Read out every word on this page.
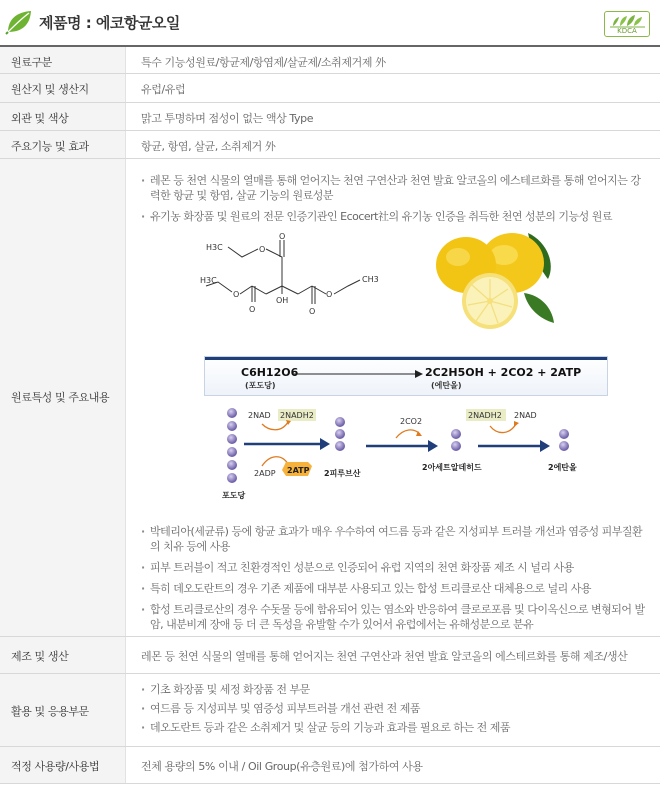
제품명 : 에코항균오일	KDCA
원료구분	특수 기능성원료/항균제/항염제/살균제/소취제거제 外
원산지 및 생산지	유럽/유럽
외관 및 색상	맑고 투명하며 점성이 없는 액상 Type
주요기능 및 효과	항균, 항염, 살균, 소취제거 外
원료특성 및 주요내용
· 레몬 등 천연 식물의 열매를 통해 얻어지는 천연 구연산과 천연 발효 알코올의 에스테르화를 통해 얻어지는 강력한 항균 및 항염, 살균 기능의 원료성분
· 유기농 화장품 및 원료의 전문 인증기관인 Ecocert社의 유기농 인증을 취득한 천연 성분의 기능성 원료
· 박테리아(세균류) 등에 항균 효과가 매우 우수하여 여드름 등과 같은 지성피부 트러블 개선과 염증성 피부질환의 치유 등에 사용
· 피부 트러블이 적고 친환경적인 성분으로 인증되어 유럽 지역의 천연 화장품 제조 시 널리 사용
· 특히 데오도란트의 경우 기존 제품에 대부분 사용되고 있는 합성 트리클로산 대체용으로 널리 사용
· 합성 트리클로산의 경우 수돗물 등에 함유되어 있는 염소와 반응하여 클로로포름 및 다이옥신으로 변형되어 발암, 내분비계 장애 등 더 큰 독성을 유발할 수가 있어서 유럽에서는 유해성분으로 분유
H3C	O
O
H3C
O
O
OH
O
O
CH3
C6H12O6
(포도당)
2C2H5OH + 2CO2 + 2ATP
(에탄올)
포도당
2NAD 2NADH2
2ADP 2ATP 2피루브산
2CO2
2아세트알데히드
2NADH2 2NAD
2에탄올
제조 및 생산	레몬 등 천연 식물의 열매를 통해 얻어지는 천연 구연산과 천연 발효 알코올의 에스테르화를 통해 제조/생산
활용 및 응용부문
· 기초 화장품 및 세정 화장품 전 부문
· 여드름 등 지성피부 및 염증성 피부트러블 개선 관련 전 제품
· 데오도란트 등과 같은 소취제거 및 살균 등의 기능과 효과를 필요로 하는 전 제품
적정 사용량/사용법	전체 용량의 5% 이내 / Oil Group(유층원료)에 첨가하여 사용
